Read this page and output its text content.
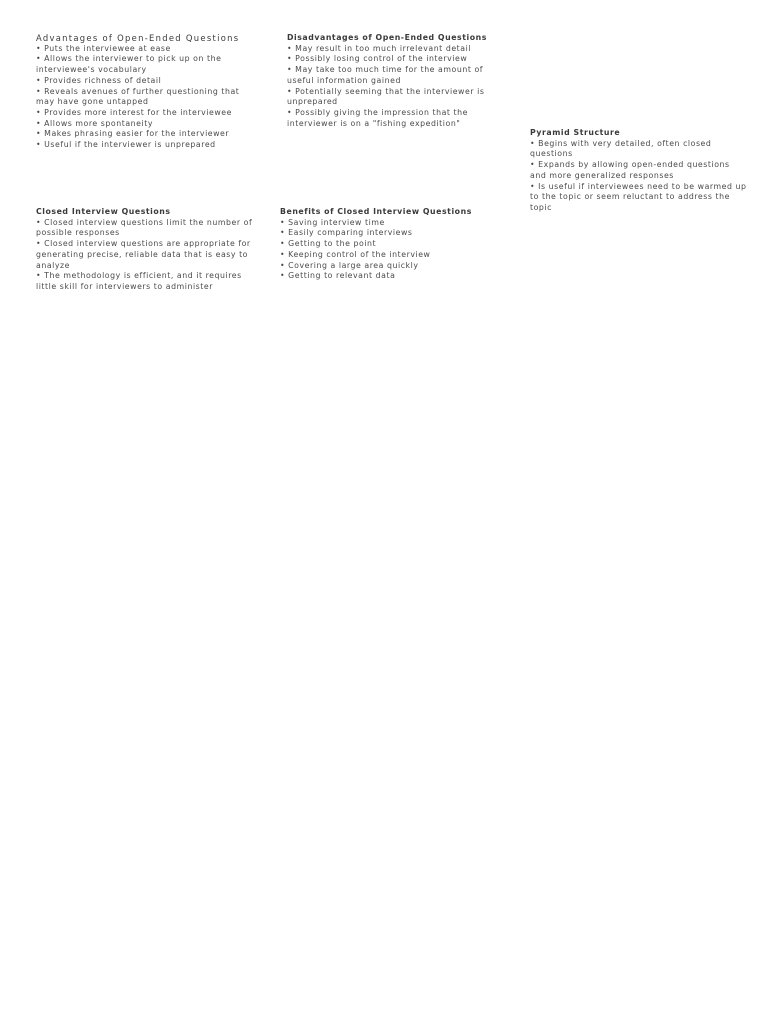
Advantages of Open-Ended Questions
• Puts the interviewee at ease
• Allows the interviewer to pick up on the
interviewee's vocabulary
• Provides richness of detail
• Reveals avenues of further questioning that
may have gone untapped
• Provides more interest for the interviewee
• Allows more spontaneity
• Makes phrasing easier for the interviewer
• Useful if the interviewer is unprepared
Disadvantages of Open-Ended Questions
• May result in too much irrelevant detail
• Possibly losing control of the interview
• May take too much time for the amount of
useful information gained
• Potentially seeming that the interviewer is
unprepared
• Possibly giving the impression that the
interviewer is on a "fishing expedition"
Pyramid Structure
• Begins with very detailed, often closed
questions
• Expands by allowing open-ended questions
and more generalized responses
• Is useful if interviewees need to be warmed up
to the topic or seem reluctant to address the
topic
Closed Interview Questions
• Closed interview questions limit the number of
possible responses
• Closed interview questions are appropriate for
generating precise, reliable data that is easy to
analyze
• The methodology is efficient, and it requires
little skill for interviewers to administer
Benefits of Closed Interview Questions
• Saving interview time
• Easily comparing interviews
• Getting to the point
• Keeping control of the interview
• Covering a large area quickly
• Getting to relevant data
